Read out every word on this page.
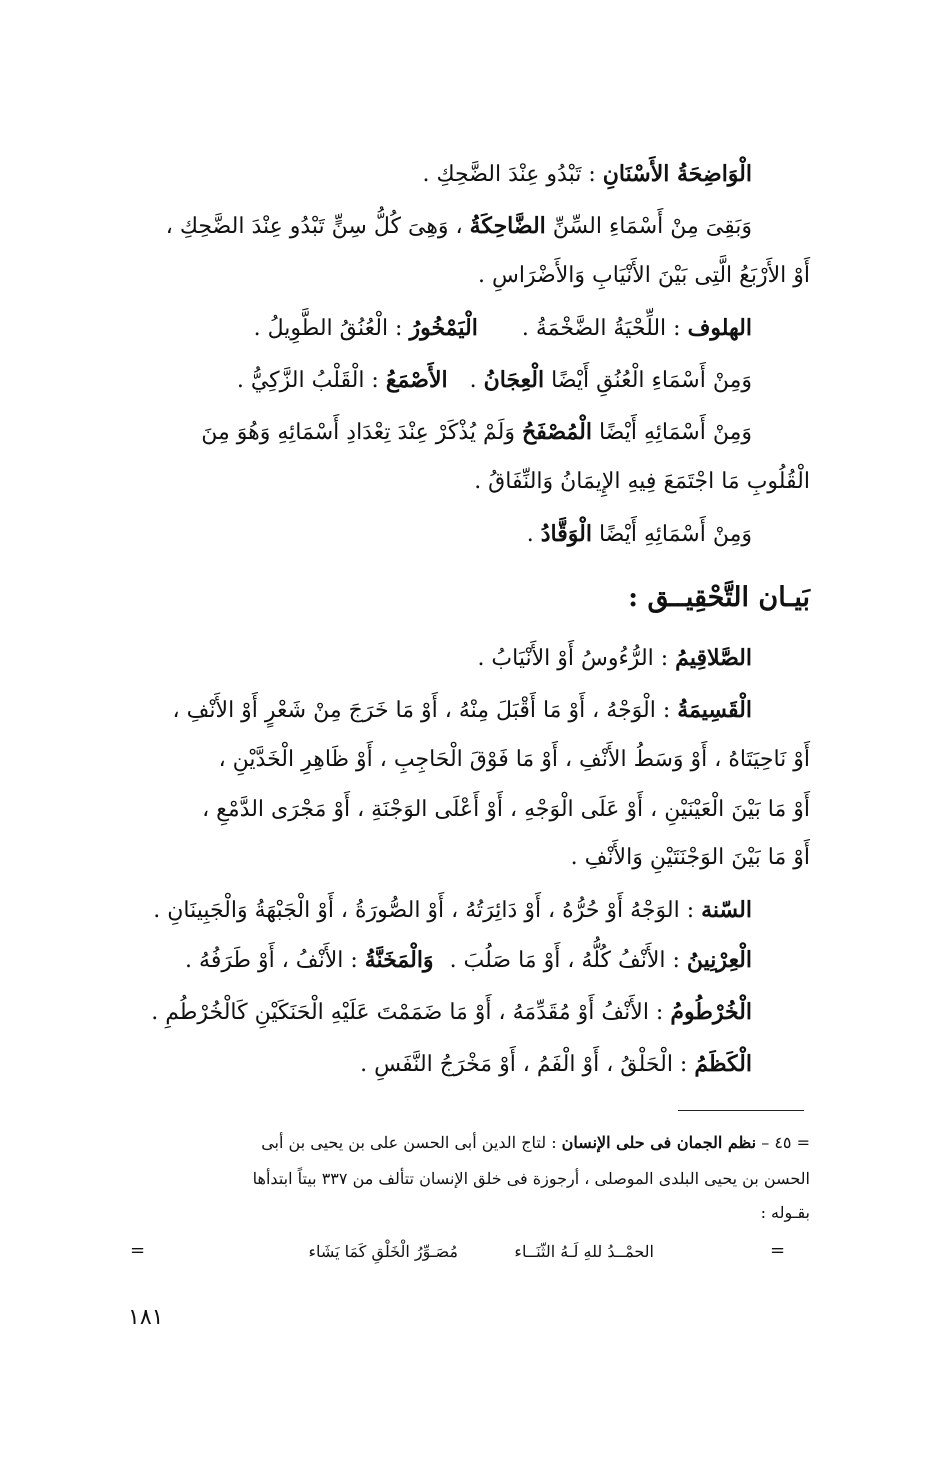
الْوَاضِحَةُ الأَسْنَانِ : تَبْدُو عِنْدَ الضَّحِكِ .
وَبَقِىَ مِنْ أَسْمَاءِ السِّنِّ الضَّاحِكَةُ ، وَهِىَ كُلُّ سِنٍّ تَبْدُو عِنْدَ الضَّحِكِ ،
أَوْ الأَرْبَعُ الَّتِى بَيْنَ الأَنْيَابِ وَالأَضْرَاسِ .
الهلوف : اللِّحْيَةُ الضَّخْمَةُ .الْيَمْخُورُ : الْعُنُقُ الطَّوِيلُ .
وَمِنْ أَسْمَاءِ الْعُنُقِ أَيْضًا الْعِجَانُ .الأَصْمَعُ : الْقَلْبُ الزَّكِيُّ .
وَمِنْ أَسْمَائِهِ أَيْضًا الْمُصْفَحُ وَلَمْ يُذْكَرْ عِنْدَ تِعْدَادِ أَسْمَائِهِ وَهُوَ مِنَ
الْقُلُوبِ مَا اجْتَمَعَ فِيهِ الإِيمَانُ وَالنِّفَاقُ .
وَمِنْ أَسْمَائِهِ أَيْضًا الْوَقَّادُ .
بَيـان التَّحْقِيــق :
الصَّلاقِيمُ : الرُّءُوسُ أَوْ الأَنْيَابُ .
الْقَسِيمَةُ : الْوَجْهُ ، أَوْ مَا أَقْبَلَ مِنْهُ ، أَوْ مَا خَرَجَ مِنْ شَعْرٍ أَوْ الأَنْفِ ،
أَوْ نَاحِيَتَاهُ ، أَوْ وَسَطُ الأَنْفِ ، أَوْ مَا فَوْقَ الْحَاجِبِ ، أَوْ ظَاهِرِ الْخَدَّيْنِ ،
أَوْ مَا بَيْنَ الْعَيْنَيْنِ ، أَوْ عَلَى الْوَجْهِ ، أَوْ أَعْلَى الوَجْنَةِ ، أَوْ مَجْرَى الدَّمْعِ ،
أَوْ مَا بَيْنَ الوَجْنَتَيْنِ وَالأَنْفِ .
السّنة : الوَجْهُ أَوْ حُرُّهُ ، أَوْ دَائِرَتُهُ ، أَوْ الصُّورَةُ ، أَوْ الْجَبْهَةُ وَالْجَبِينَانِ .
الْعِرْنِينُ : الأَنْفُ كُلُّهُ ، أَوْ مَا صَلُبَ .وَالْمَخَنَّةُ : الأَنْفُ ، أَوْ طَرَفُهُ .
الْخُرْطُومُ : الأَنْفُ أَوْ مُقَدِّمَهُ ، أَوْ مَا ضَمَمْتَ عَلَيْهِ الْحَنَكَيْنِ كَالْخُرْطُمِ .
الْكَظَمُ : الْحَلْقُ ، أَوْ الْفَمُ ، أَوْ مَخْرَجُ النَّفَسِ .
= ٤٥ – نظم الجمان فى حلى الإنسان : لتاج الدين أبى الحسن على بن يحيى بن أبى
الحسن بن يحيى البلدى الموصلى ، أرجوزة فى خلق الإنسان تتألف من ٣٣٧ بيتاً ابتدأها
بقـوله :
الحمْــدُ للهِ لَـهُ الثّنَــاء
مُصَـوِّرُ الْخَلْقِ كَمَا يَشَاء	=
=
١٨١
